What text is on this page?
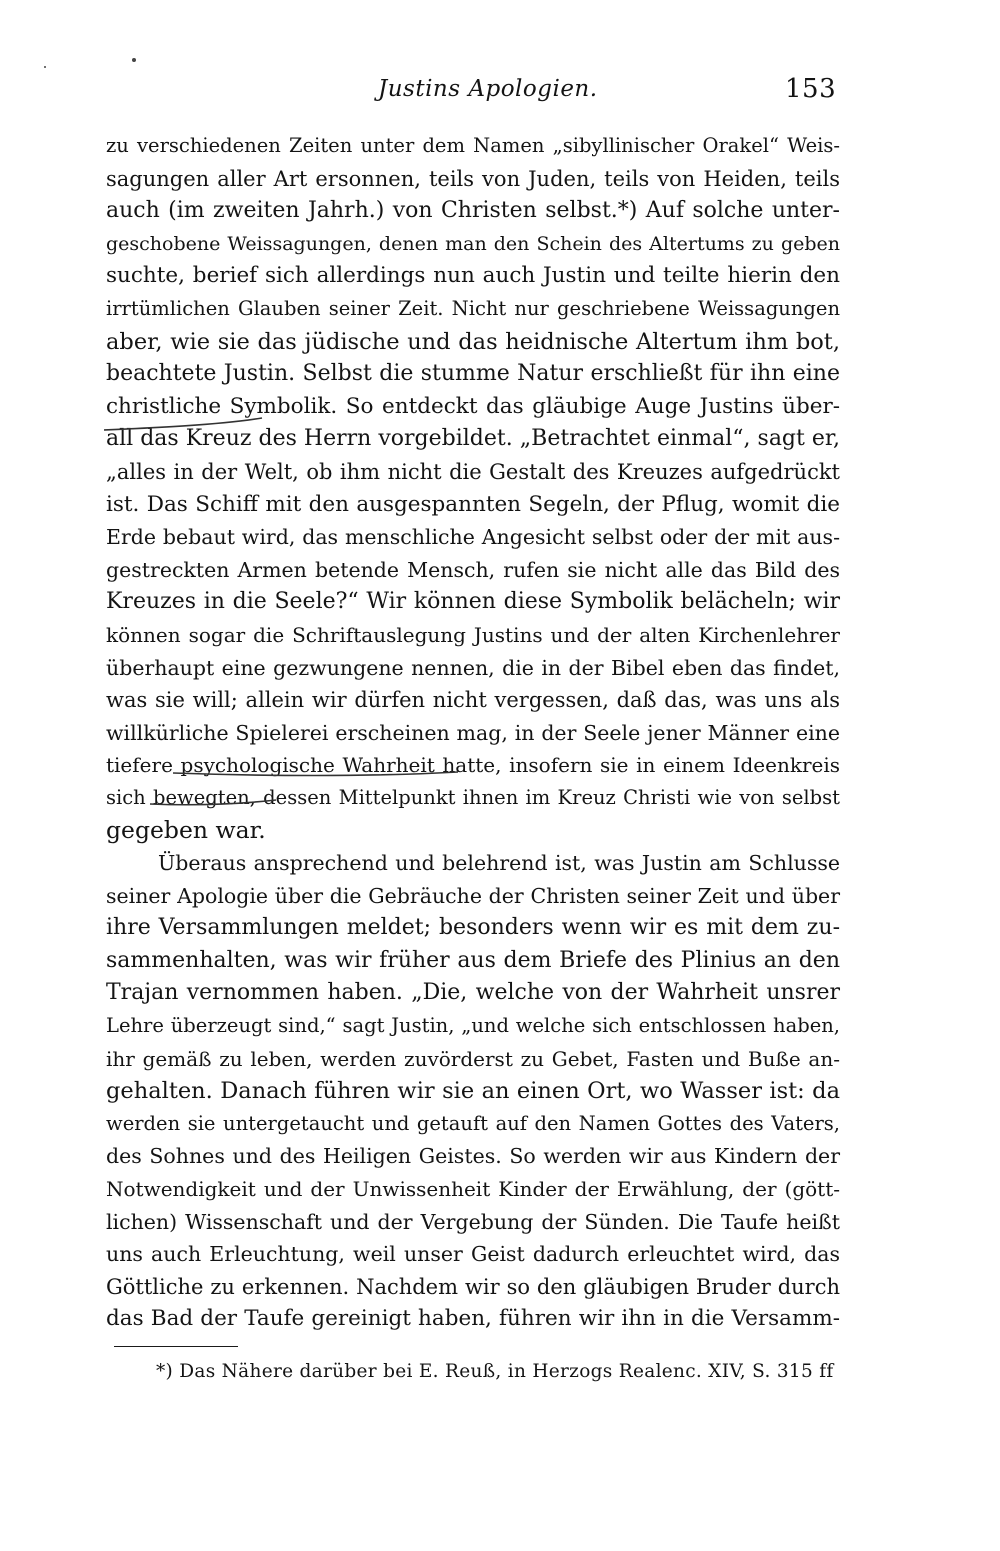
Justins Apologien.	153
zu verschiedenen Zeiten unter dem Namen „sibyllinischer Orakel“ Weis-
sagungen aller Art ersonnen, teils von Juden, teils von Heiden, teils
auch (im zweiten Jahrh.) von Christen selbst.*) Auf solche unter-
geschobene Weissagungen, denen man den Schein des Altertums zu geben
suchte, berief sich allerdings nun auch Justin und teilte hierin den
irrtümlichen Glauben seiner Zeit. Nicht nur geschriebene Weissagungen
aber, wie sie das jüdische und das heidnische Altertum ihm bot,
beachtete Justin. Selbst die stumme Natur erschließt für ihn eine
christliche Symbolik. So entdeckt das gläubige Auge Justins über-
all das Kreuz des Herrn vorgebildet. „Betrachtet einmal“, sagt er,
„alles in der Welt, ob ihm nicht die Gestalt des Kreuzes aufgedrückt
ist. Das Schiff mit den ausgespannten Segeln, der Pflug, womit die
Erde bebaut wird, das menschliche Angesicht selbst oder der mit aus-
gestreckten Armen betende Mensch, rufen sie nicht alle das Bild des
Kreuzes in die Seele?“ Wir können diese Symbolik belächeln; wir
können sogar die Schriftauslegung Justins und der alten Kirchenlehrer
überhaupt eine gezwungene nennen, die in der Bibel eben das findet,
was sie will; allein wir dürfen nicht vergessen, daß das, was uns als
willkürliche Spielerei erscheinen mag, in der Seele jener Männer eine
tiefere psychologische Wahrheit hatte, insofern sie in einem Ideenkreis
sich bewegten, dessen Mittelpunkt ihnen im Kreuz Christi wie von selbst
gegeben war.
Überaus ansprechend und belehrend ist, was Justin am Schlusse
seiner Apologie über die Gebräuche der Christen seiner Zeit und über
ihre Versammlungen meldet; besonders wenn wir es mit dem zu-
sammenhalten, was wir früher aus dem Briefe des Plinius an den
Trajan vernommen haben. „Die, welche von der Wahrheit unsrer
Lehre überzeugt sind,“ sagt Justin, „und welche sich entschlossen haben,
ihr gemäß zu leben, werden zuvörderst zu Gebet, Fasten und Buße an-
gehalten. Danach führen wir sie an einen Ort, wo Wasser ist: da
werden sie untergetaucht und getauft auf den Namen Gottes des Vaters,
des Sohnes und des Heiligen Geistes. So werden wir aus Kindern der
Notwendigkeit und der Unwissenheit Kinder der Erwählung, der (gött-
lichen) Wissenschaft und der Vergebung der Sünden. Die Taufe heißt
uns auch Erleuchtung, weil unser Geist dadurch erleuchtet wird, das
Göttliche zu erkennen. Nachdem wir so den gläubigen Bruder durch
das Bad der Taufe gereinigt haben, führen wir ihn in die Versamm-
*) Das Nähere darüber bei E. Reuß, in Herzogs Realenc. XIV, S. 315 ff
